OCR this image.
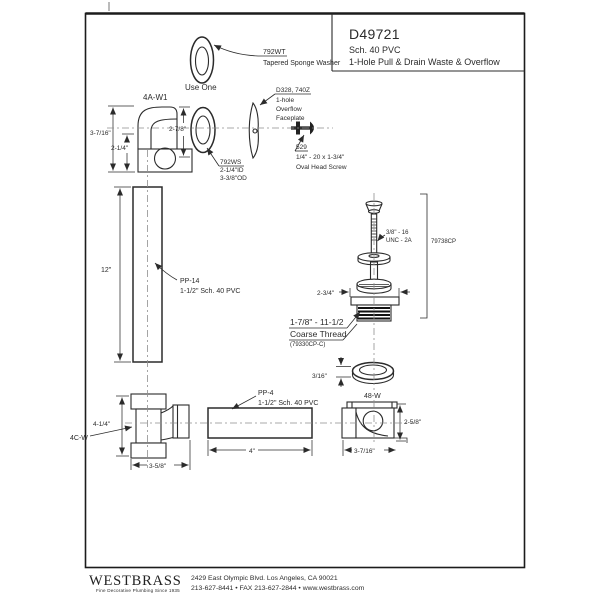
D49721
Sch. 40 PVC
1-Hole Pull & Drain Waste & Overflow
792WT
Tapered Sponge Washer
Use One
4A-W1
3-7/16"
2-1/4"
2-7/8"
792WS
2-1/4"ID
3-3/8"OD
D328, 740Z
1-hole
Overflow
Faceplate
529
1/4" - 20 x 1-3/4"
Oval Head Screw
12"
PP-14
1-1/2" Sch. 40 PVC
3/8" - 16
UNC - 2A
2-3/4"
1-7/8" - 11-1/2
Coarse Thread
(79330CP-C)
79738CP
3/16"
4-1/4"
4C-W
3-5/8"
PP-4
1-1/2" Sch. 40 PVC
4"
48-W
2-5/8"
3-7/16"
WESTBRASS
Fine Decorative Plumbing Since 1935
2429 East Olympic Blvd. Los Angeles, CA 90021
213-627-8441 • FAX 213-627-2844 • www.westbrass.com
